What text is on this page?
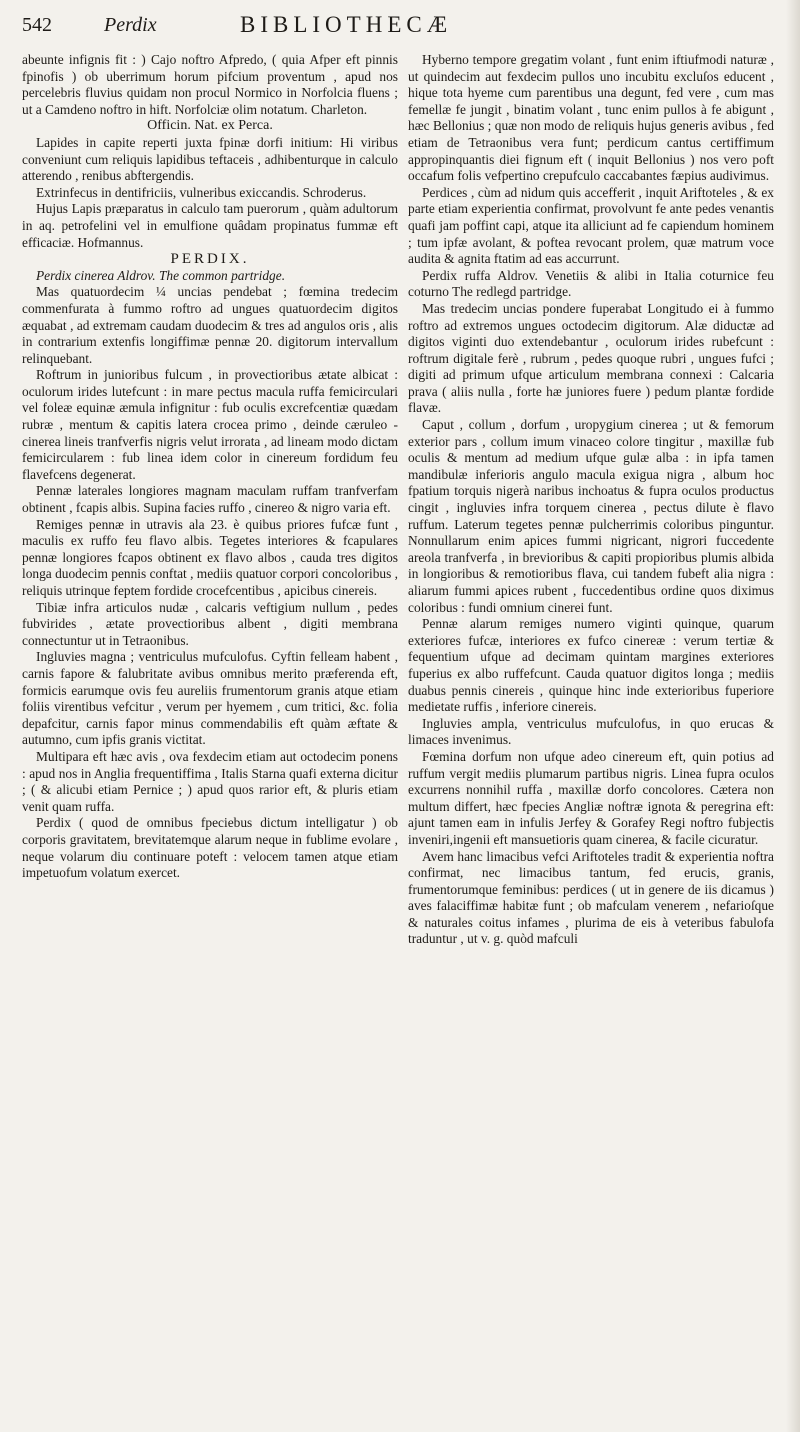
542	Perdix	BIBLIOTHECÆ

abeunte infignis fit : ) Cajo noftro Afpredo, ( quia Afper eft pinnis fpinofis ) ob uberrimum horum pifcium proventum , apud nos percelebris fluvius quidam non procul Normico in Norfolcia fluens ; ut a Camdeno noftro in hift. Norfolciæ olim notatum. Charleton.

Officin. Nat. ex Perca.

Lapides in capite reperti juxta fpinæ dorfi initium: Hi viribus conveniunt cum reliquis lapidibus teftaceis , adhibenturque in calculo atterendo , renibus abftergendis.

Extrinfecus in dentifriciis, vulneribus exiccandis. Schroderus.

Hujus Lapis præparatus in calculo tam puerorum , quàm adultorum in aq. petrofelini vel in emulfione quâdam propinatus fummæ eft efficaciæ. Hofmannus.

PERDIX.

Perdix cinerea Aldrov. The common partridge.

Mas quatuordecim ¼ uncias pendebat ; fœmina tredecim commenfurata à fummo roftro ad ungues quatuordecim digitos æquabat , ad extremam caudam duodecim & tres ad angulos oris , alis in contrarium extenfis longiffimæ pennæ 20. digitorum intervallum relinquebant.

Roftrum in junioribus fulcum , in provectioribus ætate albicat : oculorum irides lutefcunt : in mare pectus macula ruffa femicirculari vel foleæ equinæ æmula infignitur : fub oculis excrefcentiæ quædam rubræ , mentum & capitis latera crocea primo , deinde cæruleo - cinerea lineis tranfverfis nigris velut irrorata , ad lineam modo dictam femicircularem : fub linea idem color in cinereum fordidum feu flavefcens degenerat.

Pennæ laterales longiores magnam maculam ruffam tranfverfam obtinent , fcapis albis. Supina facies ruffo , cinereo & nigro varia eft.

Remiges pennæ in utravis ala 23. è quibus priores fufcæ funt , maculis ex ruffo feu flavo albis. Tegetes interiores & fcapulares pennæ longiores fcapos obtinent ex flavo albos , cauda tres digitos longa duodecim pennis conftat , mediis quatuor corpori concoloribus , reliquis utrinque feptem fordide crocefcentibus , apicibus cinereis.

Tibiæ infra articulos nudæ , calcaris veftigium nullum , pedes fubvirides , ætate provectioribus albent , digiti membrana connectuntur ut in Tetraonibus.

Ingluvies magna ; ventriculus mufculofus. Cyftin felleam habent , carnis fapore & falubritate avibus omnibus merito præferenda eft, formicis earumque ovis feu aureliis frumentorum granis atque etiam foliis virentibus vefcitur , verum per hyemem , cum tritici, &c. folia depafcitur, carnis fapor minus commendabilis eft quàm æftate & autumno, cum ipfis granis victitat.

Multipara eft hæc avis , ova fexdecim etiam aut octodecim ponens : apud nos in Anglia frequentiffima , Italis Starna quafi externa dicitur ; ( & alicubi etiam Pernice ; ) apud quos rarior eft, & pluris etiam venit quam ruffa.

Perdix ( quod de omnibus fpeciebus dictum intelligatur ) ob corporis gravitatem, brevitatemque alarum neque in fublime evolare , neque volarum diu continuare poteft : velocem tamen atque etiam impetuofum volatum exercet.

Hyberno tempore gregatim volant , funt enim iftiufmodi naturæ , ut quindecim aut fexdecim pullos uno incubitu excluſos educent , hique tota hyeme cum parentibus una degunt, fed vere , cum mas femellæ fe jungit , binatim volant , tunc enim pullos à fe abigunt , hæc Bellonius ; quæ non modo de reliquis hujus generis avibus , fed etiam de Tetraonibus vera funt; perdicum cantus certiffimum appropinquantis diei fignum eft ( inquit Bellonius ) nos vero poft occafum folis vefpertino crepufculo caccabantes fæpius audivimus.

Perdices , cùm ad nidum quis accefferit , inquit Ariftoteles , & ex parte etiam experientia confirmat, provolvunt fe ante pedes venantis quafi jam poffint capi, atque ita alliciunt ad fe capiendum hominem ; tum ipfæ avolant, & poftea revocant prolem, quæ matrum voce audita & agnita ftatim ad eas accurrunt.

Perdix ruffa Aldrov. Venetiis & alibi in Italia coturnice feu coturno The redlegd partridge.

Mas tredecim uncias pondere fuperabat Longitudo ei à fummo roftro ad extremos ungues octodecim digitorum. Alæ diductæ ad digitos viginti duo extendebantur , oculorum irides rubefcunt : roftrum digitale ferè , rubrum , pedes quoque rubri , ungues fufci ; digiti ad primum ufque articulum membrana connexi : Calcaria prava ( aliis nulla , forte hæ juniores fuere ) pedum plantæ fordide flavæ.

Caput , collum , dorfum , uropygium cinerea ; ut & femorum exterior pars , collum imum vinaceo colore tingitur , maxillæ fub oculis & mentum ad medium ufque gulæ alba : in ipfa tamen mandibulæ inferioris angulo macula exigua nigra , album hoc fpatium torquis nigerà naribus inchoatus & fupra oculos productus cingit , ingluvies infra torquem cinerea , pectus dilute è flavo ruffum. Laterum tegetes pennæ pulcherrimis coloribus pinguntur. Nonnullarum enim apices fummi nigricant, nigrori fuccedente areola tranfverfa , in brevioribus & capiti propioribus plumis albida in longioribus & remotioribus flava, cui tandem fubeft alia nigra : aliarum fummi apices rubent , fuccedentibus ordine quos diximus coloribus : fundi omnium cinerei funt.

Pennæ alarum remiges numero viginti quinque, quarum exteriores fufcæ, interiores ex fufco cinereæ : verum tertiæ & fequentium ufque ad decimam quintam margines exteriores fuperius ex albo ruffefcunt. Cauda quatuor digitos longa ; mediis duabus pennis cinereis , quinque hinc inde exterioribus fuperiore medietate ruffis , inferiore cinereis.

Ingluvies ampla, ventriculus mufculofus, in quo erucas & limaces invenimus.

Fœmina dorfum non ufque adeo cinereum eft, quin potius ad ruffum vergit mediis plumarum partibus nigris. Linea fupra oculos excurrens nonnihil ruffa , maxillæ dorfo concolores. Cætera non multum differt, hæc fpecies Angliæ noftræ ignota & peregrina eft: ajunt tamen eam in infulis Jerfey & Gorafey Regi noftro fubjectis inveniri,ingenii eft mansuetioris quam cinerea, & facile cicuratur.

Avem hanc limacibus vefci Ariftoteles tradit & experientia noftra confirmat, nec limacibus tantum, fed erucis, granis, frumentorumque feminibus: perdices ( ut in genere de iis dicamus ) aves falaciffimæ habitæ funt ; ob mafculam venerem , nefarioſque & naturales coitus infames , plurima de eis à veteribus fabulofa traduntur , ut v. g. quòd mafculi
